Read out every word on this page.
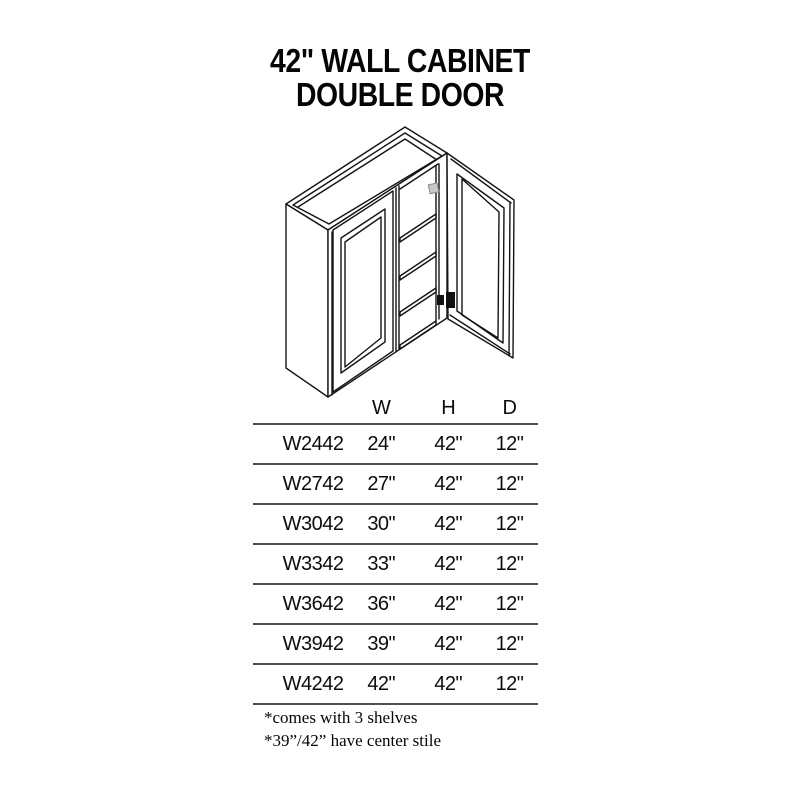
42" WALL CABINET
DOUBLE DOOR
	W	H	D
W2442	24"	42"	12"
W2742	27"	42"	12"
W3042	30"	42"	12"
W3342	33"	42"	12"
W3642	36"	42"	12"
W3942	39"	42"	12"
W4242	42"	42"	12"
*comes with 3 shelves
*39”/42” have center stile
